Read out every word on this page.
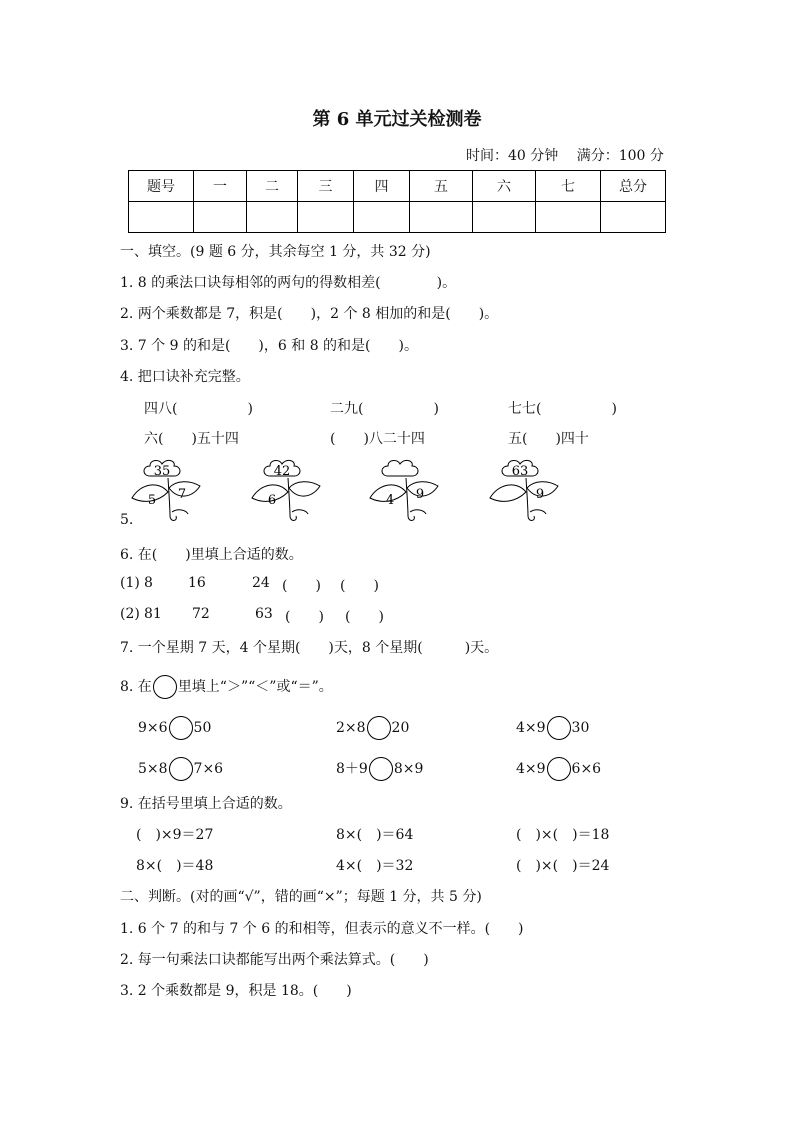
第 6 单元过关检测卷
时间：40 分钟　 满分：100 分
题号	一	二	三	四	五	六	七	总分

一、填空。(9 题 6 分，其余每空 1 分，共 32 分)
1. 8 的乘法口诀每相邻的两句的得数相差(　　　　)。
2. 两个乘数都是 7，积是(　　)，2 个 8 相加的和是(　　)。
3. 7 个 9 的和是(　　)，6 和 8 的和是(　　)。
4. 把口诀补充完整。
四八(　　　　　)	二九(　　　　　)	七七(　　　　　)
六(　　)五十四	(　　)八二十四	五(　　)四十
5.
35
5 7
42
6	4 9
63
9
6. 在(　　)里填上合适的数。
(1) 8	16	24 (　　) (　　)
(2) 81 72	63 (　　) (　　)
7. 一个星期 7 天，4 个星期(　　)天，8 个星期(　　　)天。
8. 在 里填上“＞”“＜”或“＝”。
9×6 50	2×8 20	4×9 30
5×8 7×6	8＋9 8×9	4×9 6×6
9. 在括号里填上合适的数。
(　)×9＝27	8×(　)＝64	(　)×(　)＝18
8×(　)＝48	4×(　)＝32	(　)×(　)＝24
二、判断。(对的画“√”，错的画“×”；每题 1 分，共 5 分)
1. 6 个 7 的和与 7 个 6 的和相等，但表示的意义不一样。(　　)
2. 每一句乘法口诀都能写出两个乘法算式。(　　)
3. 2 个乘数都是 9，积是 18。(　　)
